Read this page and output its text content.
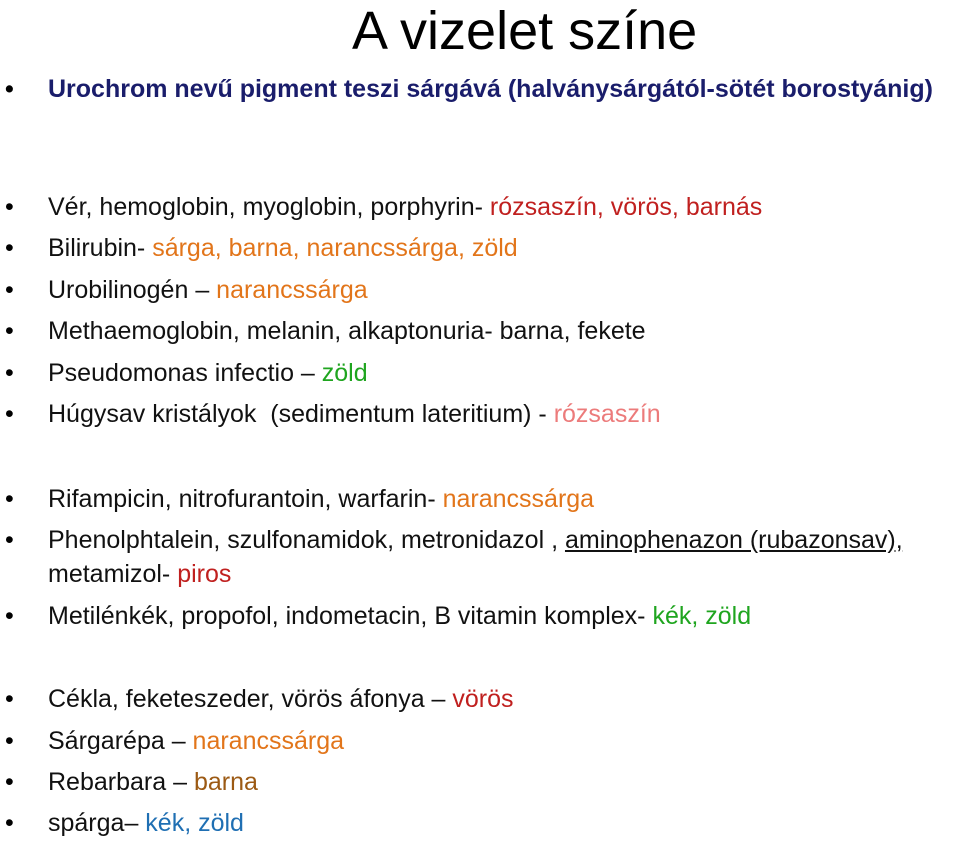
A vizelet színe
•	Urochrom nevű pigment teszi sárgává (halványsárgától-sötét borostyánig)
•	Vér, hemoglobin, myoglobin, porphyrin- rózsaszín, vörös, barnás
•	Bilirubin- sárga, barna, narancssárga, zöld
•	Urobilinogén – narancssárga
•	Methaemoglobin, melanin, alkaptonuria- barna, fekete
•	Pseudomonas infectio – zöld
•	Húgysav kristályok  (sedimentum lateritium) - rózsaszín
•	Rifampicin, nitrofurantoin, warfarin- narancssárga
•	Phenolphtalein, szulfonamidok, metronidazol , aminophenazon (rubazonsav), metamizol- piros
•	Metilénkék, propofol, indometacin, B vitamin komplex- kék, zöld
•	Cékla, feketeszeder, vörös áfonya – vörös
•	Sárgarépa – narancssárga
•	Rebarbara – barna
•	spárga– kék, zöld
